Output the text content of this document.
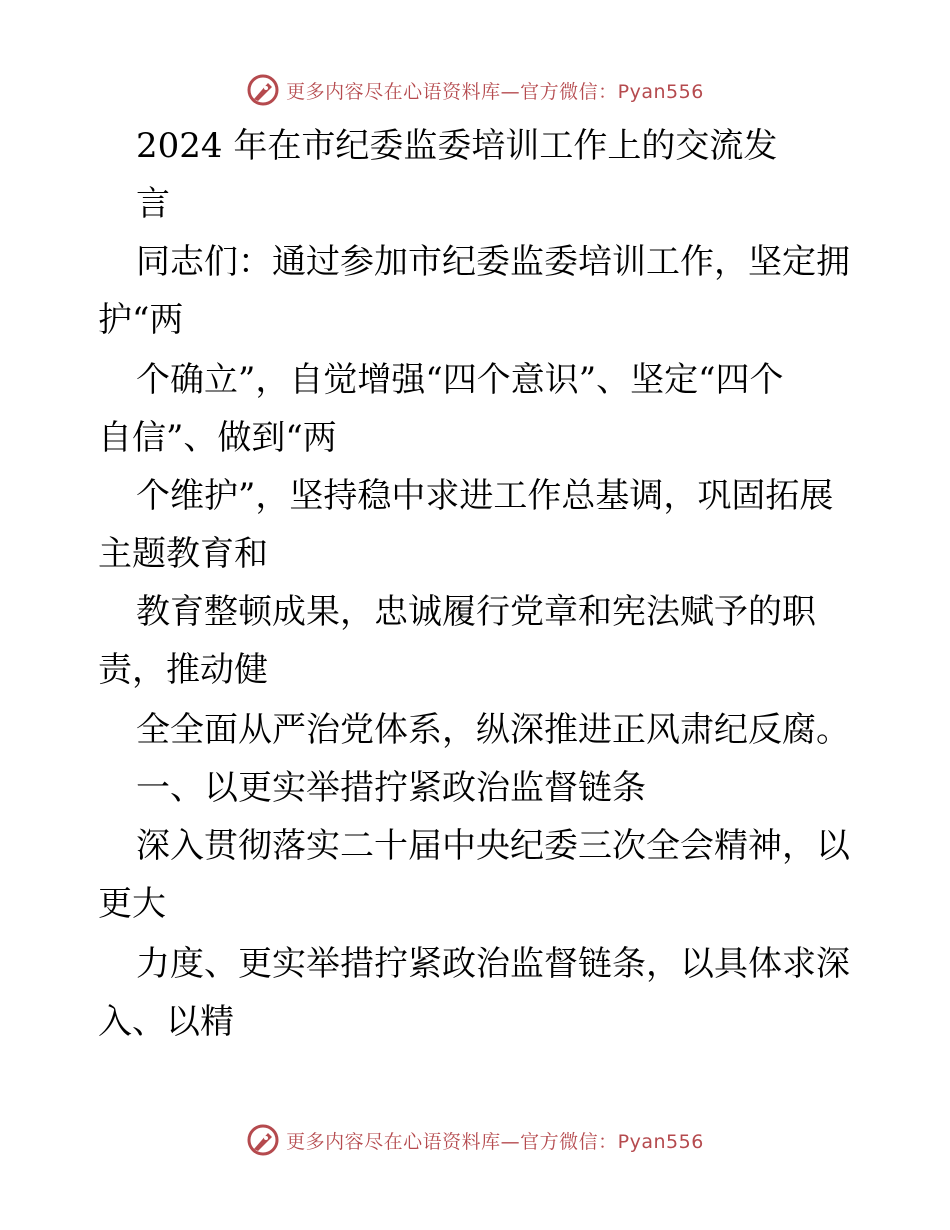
更多内容尽在心语资料库—官方微信：Pyan556
2024 年在市纪委监委培训工作上的交流发
言
同志们：通过参加市纪委监委培训工作，坚定拥
护“两
个确立”，自觉增强“四个意识”、坚定“四个
自信”、做到“两
个维护”，坚持稳中求进工作总基调，巩固拓展
主题教育和
教育整顿成果，忠诚履行党章和宪法赋予的职
责，推动健
全全面从严治党体系，纵深推进正风肃纪反腐。
一、以更实举措拧紧政治监督链条
深入贯彻落实二十届中央纪委三次全会精神，以
更大
力度、更实举措拧紧政治监督链条，以具体求深
入、以精
更多内容尽在心语资料库—官方微信：Pyan556
